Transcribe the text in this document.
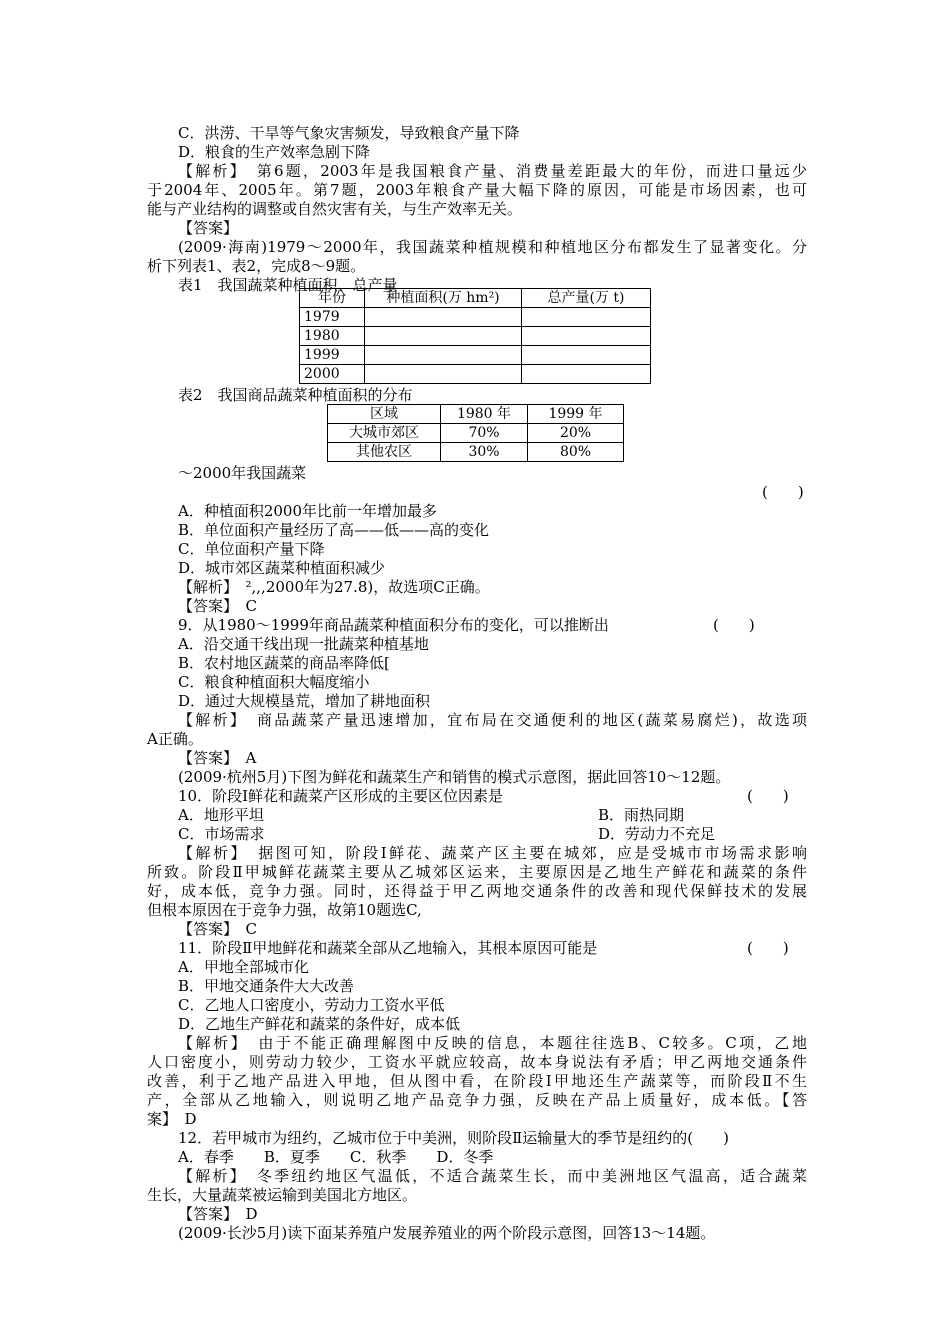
C．洪涝、干旱等气象灾害频发，导致粮食产量下降
D．粮食的生产效率急剧下降
【解析】　第6题，2003年是我国粮食产量、消费量差距最大的年份，而进口量远少
于2004年、2005年。第7题，2003年粮食产量大幅下降的原因，可能是市场因素，也可
能与产业结构的调整或自然灾害有关，与生产效率无关。
【答案】
(2009·海南)1979～2000年，我国蔬菜种植规模和种植地区分布都发生了显著变化。分
析下列表1、表2，完成8～9题。
表1　我国蔬菜种植面积、总产量
年份	种植面积(万 hm²)	总产量(万 t)
1979		
1980		
1999		
2000		
表2　我国商品蔬菜种植面积的分布
区域	1980 年	1999 年
大城市郊区	70%	20%
其他农区	30%	80%
～2000年我国蔬菜
(　　)
A．种植面积2000年比前一年增加最多
B．单位面积产量经历了高——低——高的变化
C．单位面积产量下降
D．城市郊区蔬菜种植面积减少
【解析】　²,,,2000年为27.8)，故选项C正确。
【答案】　C
9．从1980～1999年商品蔬菜种植面积分布的变化，可以推断出	(　　)
A．沿交通干线出现一批蔬菜种植基地
B．农村地区蔬菜的商品率降低[
C．粮食种植面积大幅度缩小
D．通过大规模垦荒，增加了耕地面积
【解析】　商品蔬菜产量迅速增加，宜布局在交通便利的地区(蔬菜易腐烂)，故选项
A正确。
【答案】　A
(2009·杭州5月)下图为鲜花和蔬菜生产和销售的模式示意图，据此回答10～12题。
10．阶段Ⅰ鲜花和蔬菜产区形成的主要区位因素是	(　　)
A．地形平坦	B．雨热同期
C．市场需求	D．劳动力不充足
【解析】　据图可知，阶段Ⅰ鲜花、蔬菜产区主要在城郊，应是受城市市场需求影响
所致。阶段Ⅱ甲城鲜花蔬菜主要从乙城郊区运来，主要原因是乙地生产鲜花和蔬菜的条件
好，成本低，竞争力强。同时，还得益于甲乙两地交通条件的改善和现代保鲜技术的发展
但根本原因在于竞争力强，故第10题选C,
【答案】　C
11．阶段Ⅱ甲地鲜花和蔬菜全部从乙地输入，其根本原因可能是	(　　)
A．甲地全部城市化
B．甲地交通条件大大改善
C．乙地人口密度小，劳动力工资水平低
D．乙地生产鲜花和蔬菜的条件好，成本低
【解析】　由于不能正确理解图中反映的信息，本题往往选B、C较多。C项，乙地
人口密度小，则劳动力较少，工资水平就应较高，故本身说法有矛盾；甲乙两地交通条件
改善，利于乙地产品进入甲地，但从图中看，在阶段Ⅰ甲地还生产蔬菜等，而阶段Ⅱ不生
产，全部从乙地输入，则说明乙地产品竞争力强，反映在产品上质量好，成本低。【答
案】　D
12．若甲城市为纽约，乙城市位于中美洲，则阶段Ⅱ运输量大的季节是纽约的(　　)
A．春季　　B．夏季　　C．秋季　　D．冬季
【解析】　冬季纽约地区气温低，不适合蔬菜生长，而中美洲地区气温高，适合蔬菜
生长，大量蔬菜被运输到美国北方地区。
【答案】　D
(2009·长沙5月)读下面某养殖户发展养殖业的两个阶段示意图，回答13～14题。
